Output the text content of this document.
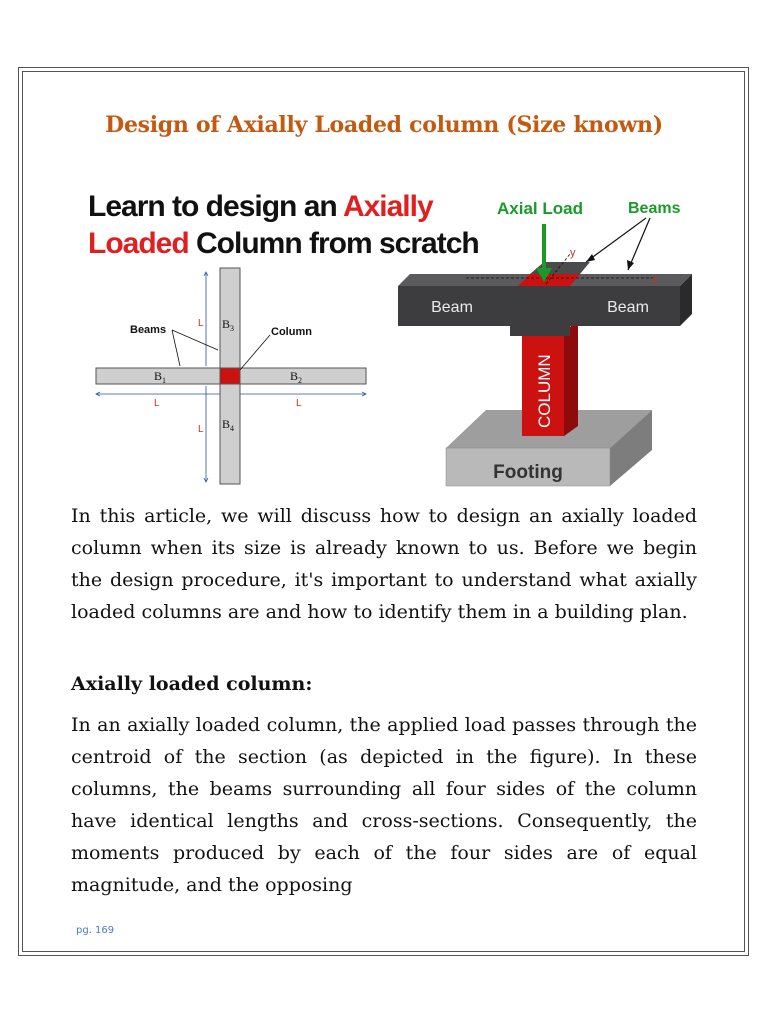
Design of Axially Loaded column (Size known)
Learn to design an Axially
Loaded Column from scratch
$B_1$	$B_2$
$B_3$
$B_4$
L	L
L
L
Beams	Column
Footing
COLUMN
Beam	Beam
x
y
Axial Load	Beams

In this article, we will discuss how to design an axially loaded column when its size is already known to us. Before we begin the design procedure, it's important to understand what axially loaded columns are and how to identify them in a building plan.

Axially loaded column:

In an axially loaded column, the applied load passes through the centroid of the section (as depicted in the figure). In these columns, the beams surrounding all four sides of the column have identical lengths and cross-sections. Consequently, the moments produced by each of the four sides are of equal magnitude, and the opposing

pg. 169
